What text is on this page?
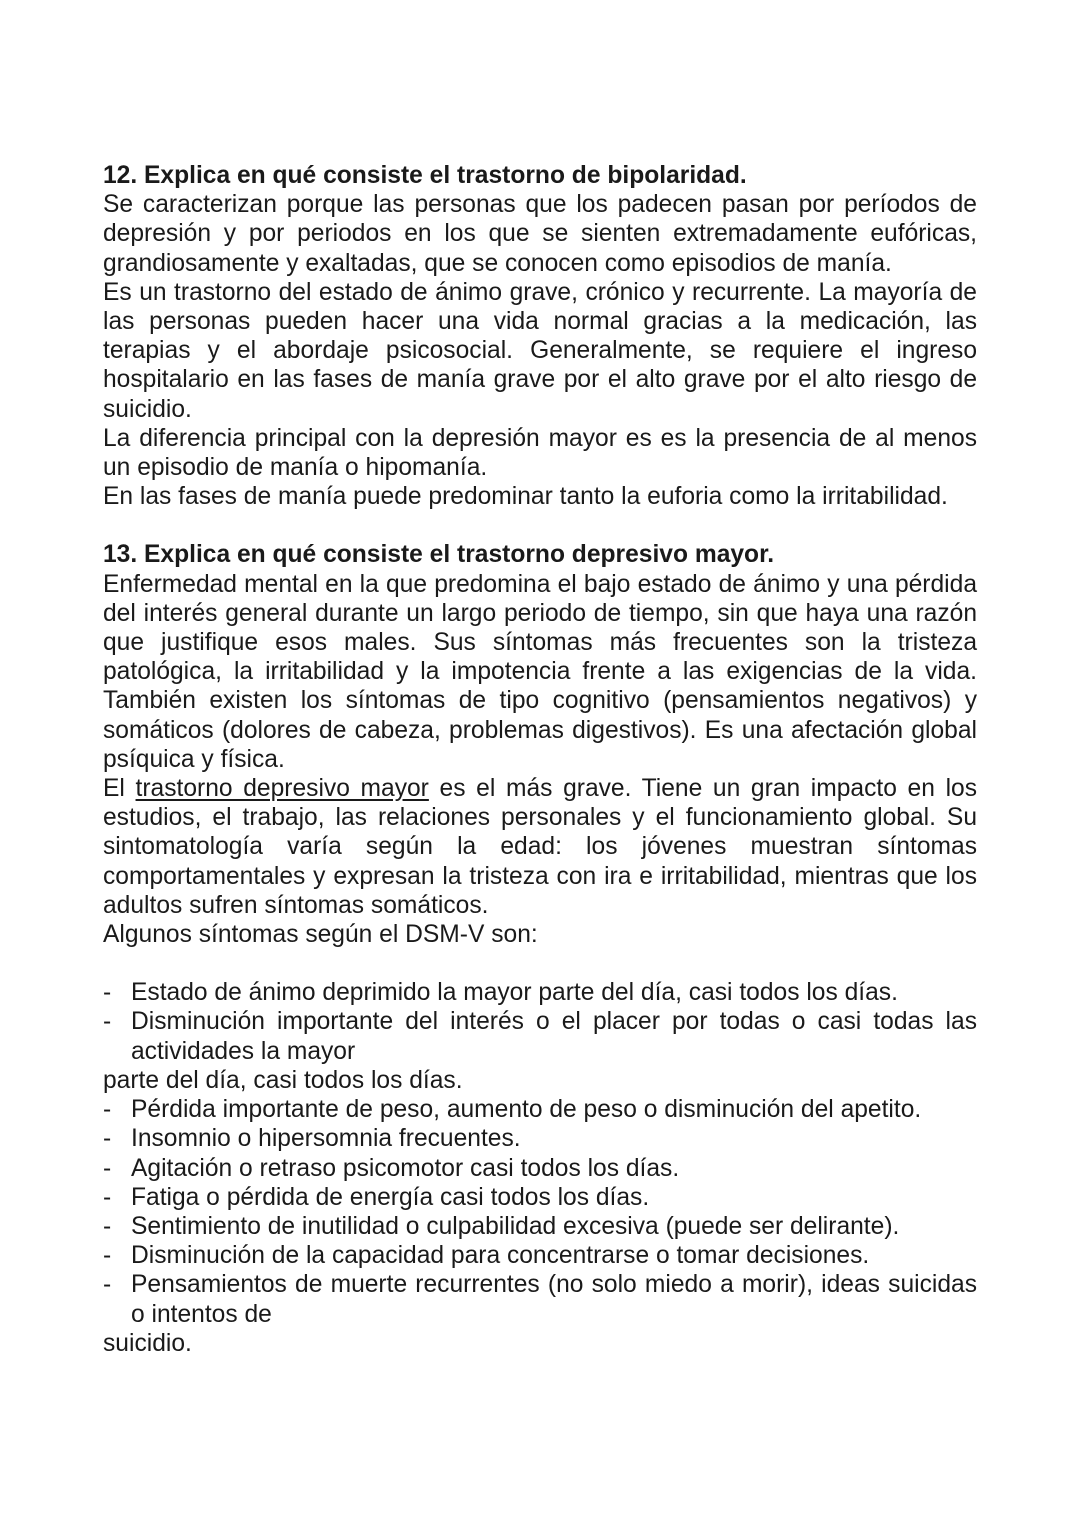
12. Explica en qué consiste el trastorno de bipolaridad.

Se caracterizan porque las personas que los padecen pasan por períodos de depresión y por periodos en los que se sienten extremadamente eufóricas, grandiosamente y exaltadas, que se conocen como episodios de manía.

Es un trastorno del estado de ánimo grave, crónico y recurrente. La mayoría de las personas pueden hacer una vida normal gracias a la medicación, las terapias y el abordaje psicosocial. Generalmente, se requiere el ingreso hospitalario en las fases de manía grave por el alto grave por el alto riesgo de suicidio.

La diferencia principal con la depresión mayor es es la presencia de al menos un episodio de manía o hipomanía.

En las fases de manía puede predominar tanto la euforia como la irritabilidad.

13. Explica en qué consiste el trastorno depresivo mayor.

Enfermedad mental en la que predomina el bajo estado de ánimo y una pérdida del interés general durante un largo periodo de tiempo, sin que haya una razón que justifique esos males. Sus síntomas más frecuentes son la tristeza patológica, la irritabilidad y la impotencia frente a las exigencias de la vida. También existen los síntomas de tipo cognitivo (pensamientos negativos) y somáticos (dolores de cabeza, problemas digestivos). Es una afectación global psíquica y física.

El trastorno depresivo mayor es el más grave. Tiene un gran impacto en los estudios, el trabajo, las relaciones personales y el funcionamiento global. Su sintomatología varía según la edad: los jóvenes muestran síntomas comportamentales y expresan la tristeza con ira e irritabilidad, mientras que los adultos sufren síntomas somáticos.

Algunos síntomas según el DSM-V son:

- Estado de ánimo deprimido la mayor parte del día, casi todos los días.
- Disminución importante del interés o el placer por todas o casi todas las actividades la mayor

parte del día, casi todos los días.

- Pérdida importante de peso, aumento de peso o disminución del apetito.
- Insomnio o hipersomnia frecuentes.
- Agitación o retraso psicomotor casi todos los días.
- Fatiga o pérdida de energía casi todos los días.
- Sentimiento de inutilidad o culpabilidad excesiva (puede ser delirante).
- Disminución de la capacidad para concentrarse o tomar decisiones.
- Pensamientos de muerte recurrentes (no solo miedo a morir), ideas suicidas o intentos de

suicidio.
